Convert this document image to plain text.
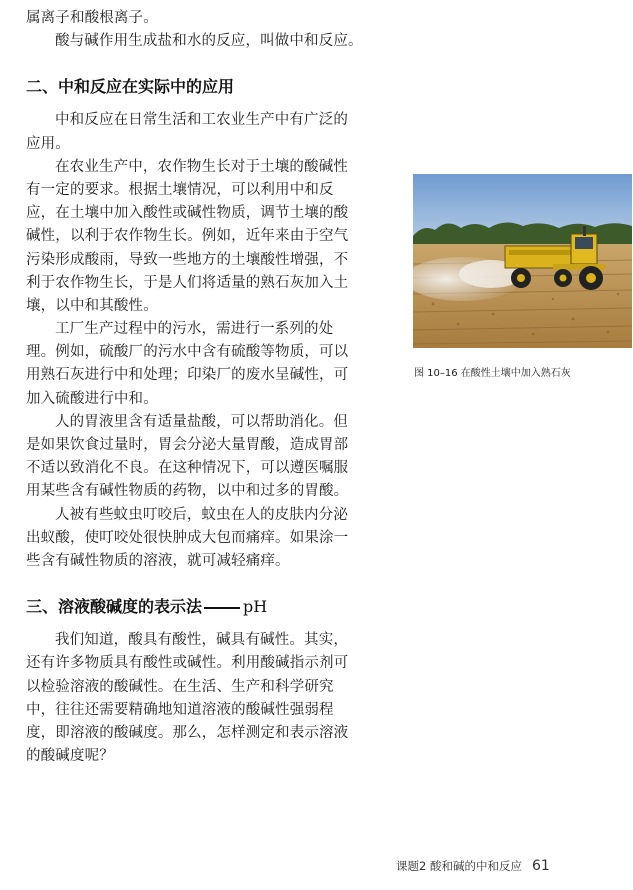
属离子和酸根离子。
酸与碱作用生成盐和水的反应，叫做中和反应。
二、中和反应在实际中的应用
中和反应在日常生活和工农业生产中有广泛的
应用。
在农业生产中，农作物生长对于土壤的酸碱性
有一定的要求。根据土壤情况，可以利用中和反
应，在土壤中加入酸性或碱性物质，调节土壤的酸
碱性，以利于农作物生长。例如，近年来由于空气
污染形成酸雨，导致一些地方的土壤酸性增强，不
利于农作物生长，于是人们将适量的熟石灰加入土
壤，以中和其酸性。
工厂生产过程中的污水，需进行一系列的处
理。例如，硫酸厂的污水中含有硫酸等物质，可以
用熟石灰进行中和处理；印染厂的废水呈碱性，可
加入硫酸进行中和。
人的胃液里含有适量盐酸，可以帮助消化。但
是如果饮食过量时，胃会分泌大量胃酸，造成胃部
不适以致消化不良。在这种情况下，可以遵医嘱服
用某些含有碱性物质的药物，以中和过多的胃酸。
人被有些蚊虫叮咬后，蚊虫在人的皮肤内分泌
出蚁酸，使叮咬处很快肿成大包而痛痒。如果涂一
些含有碱性物质的溶液，就可减轻痛痒。
三、溶液酸碱度的表示法	pH
我们知道，酸具有酸性，碱具有碱性。其实，
还有许多物质具有酸性或碱性。利用酸碱指示剂可
以检验溶液的酸碱性。在生活、生产和科学研究
中，往往还需要精确地知道溶液的酸碱性强弱程
度，即溶液的酸碱度。那么，怎样测定和表示溶液
的酸碱度呢？
图 10–16 在酸性土壤中加入熟石灰
课题2 酸和碱的中和反应 61
